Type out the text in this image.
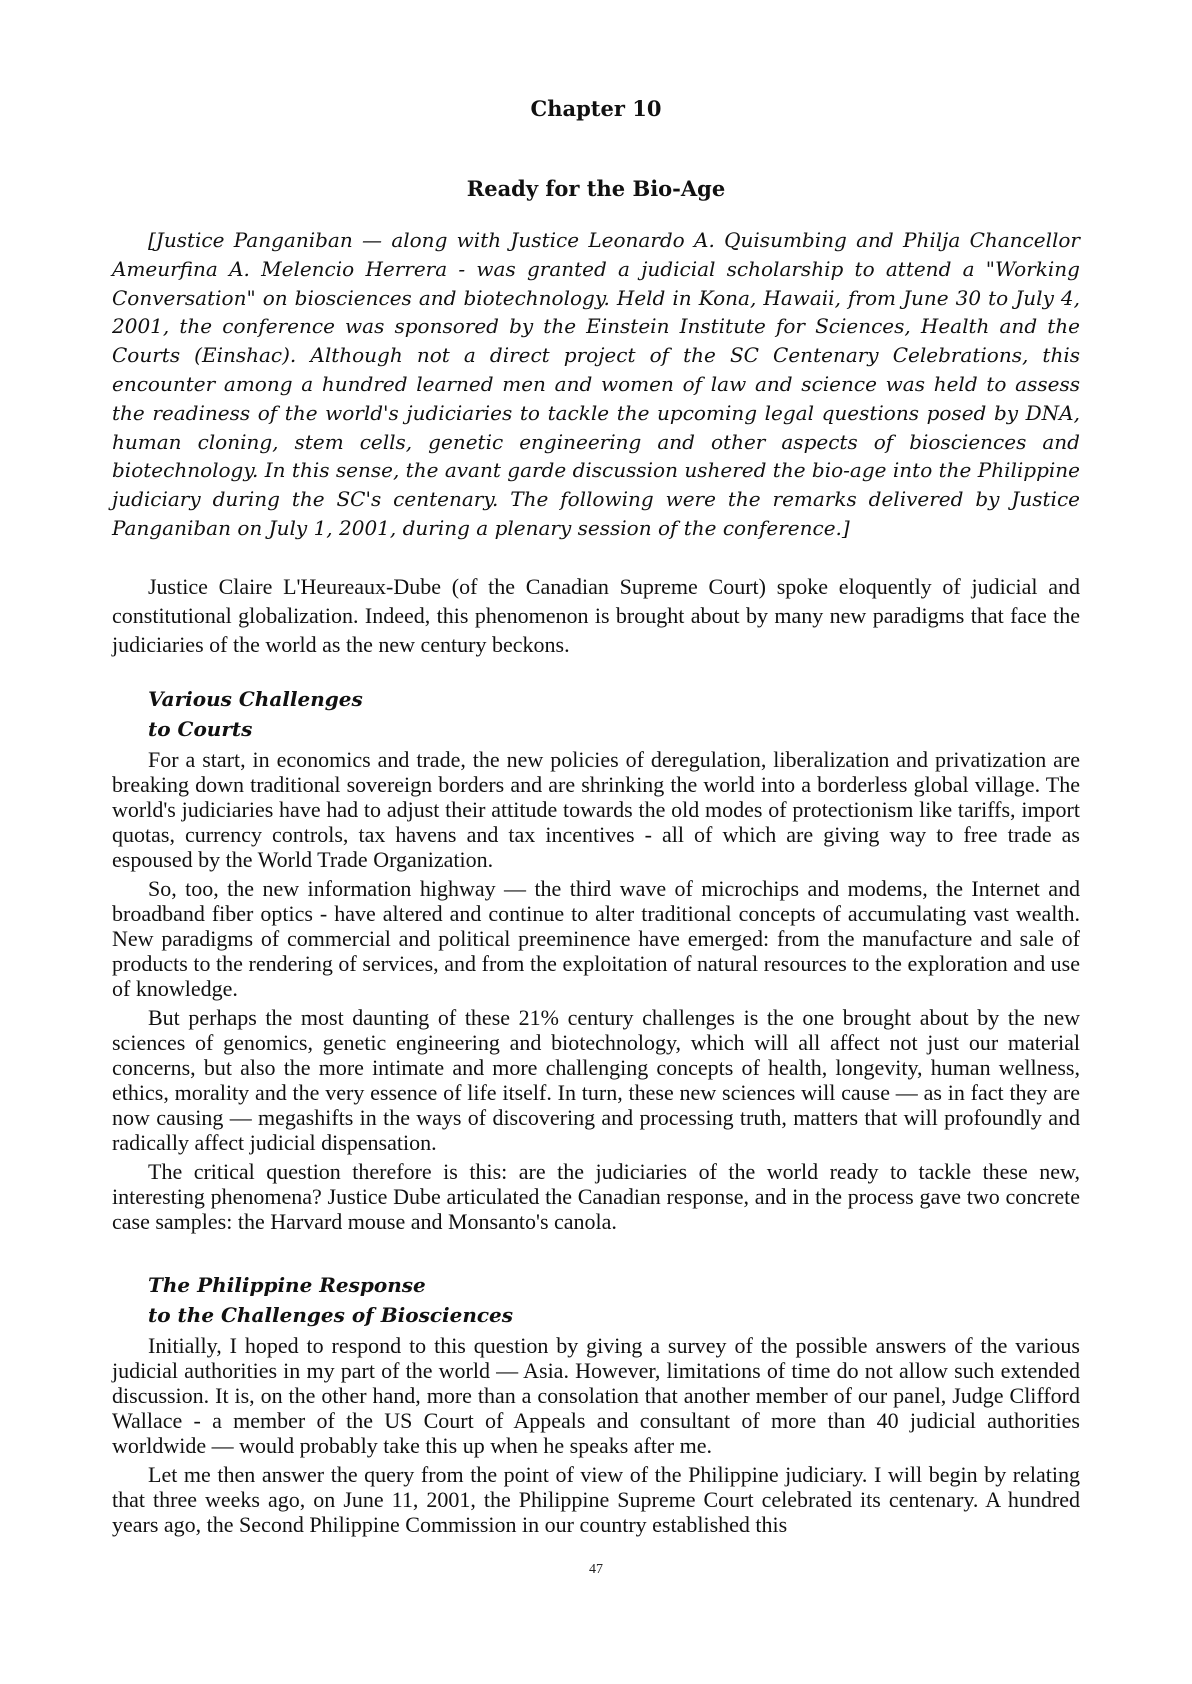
Chapter 10
Ready for the Bio-Age

[Justice Panganiban — along with Justice Leonardo A. Quisumbing and Philja Chancellor Ameurfina A. Melencio Herrera - was granted a judicial scholarship to attend a "Working Conversation" on biosciences and biotechnology. Held in Kona, Hawaii, from June 30 to July 4, 2001, the conference was sponsored by the Einstein Institute for Sciences, Health and the Courts (Einshac). Although not a direct project of the SC Centenary Celebrations, this encounter among a hundred learned men and women of law and science was held to assess the readiness of the world's judiciaries to tackle the upcoming legal questions posed by DNA, human cloning, stem cells, genetic engineering and other aspects of biosciences and biotechnology. In this sense, the avant garde discussion ushered the bio-age into the Philippine judiciary during the SC's centenary. The following were the remarks delivered by Justice Panganiban on July 1, 2001, during a plenary session of the conference.]

Justice Claire L'Heureaux-Dube (of the Canadian Supreme Court) spoke eloquently of judicial and constitutional globalization. Indeed, this phenomenon is brought about by many new paradigms that face the judiciaries of the world as the new century beckons.

Various Challenges
to Courts

For a start, in economics and trade, the new policies of deregulation, liberalization and privatization are breaking down traditional sovereign borders and are shrinking the world into a borderless global village. The world's judiciaries have had to adjust their attitude towards the old modes of protectionism like tariffs, import quotas, currency controls, tax havens and tax incentives - all of which are giving way to free trade as espoused by the World Trade Organization.

So, too, the new information highway — the third wave of microchips and modems, the Internet and broadband fiber optics - have altered and continue to alter traditional concepts of accumulating vast wealth. New paradigms of commercial and political preeminence have emerged: from the manufacture and sale of products to the rendering of services, and from the exploitation of natural resources to the exploration and use of knowledge.

But perhaps the most daunting of these 21% century challenges is the one brought about by the new sciences of genomics, genetic engineering and biotechnology, which will all affect not just our material concerns, but also the more intimate and more challenging concepts of health, longevity, human wellness, ethics, morality and the very essence of life itself. In turn, these new sciences will cause — as in fact they are now causing — megashifts in the ways of discovering and processing truth, matters that will profoundly and radically affect judicial dispensation.

The critical question therefore is this: are the judiciaries of the world ready to tackle these new, interesting phenomena? Justice Dube articulated the Canadian response, and in the process gave two concrete case samples: the Harvard mouse and Monsanto's canola.

The Philippine Response
to the Challenges of Biosciences

Initially, I hoped to respond to this question by giving a survey of the possible answers of the various judicial authorities in my part of the world — Asia. However, limitations of time do not allow such extended discussion. It is, on the other hand, more than a consolation that another member of our panel, Judge Clifford Wallace - a member of the US Court of Appeals and consultant of more than 40 judicial authorities worldwide — would probably take this up when he speaks after me.

Let me then answer the query from the point of view of the Philippine judiciary. I will begin by relating that three weeks ago, on June 11, 2001, the Philippine Supreme Court celebrated its centenary. A hundred years ago, the Second Philippine Commission in our country established this

47
